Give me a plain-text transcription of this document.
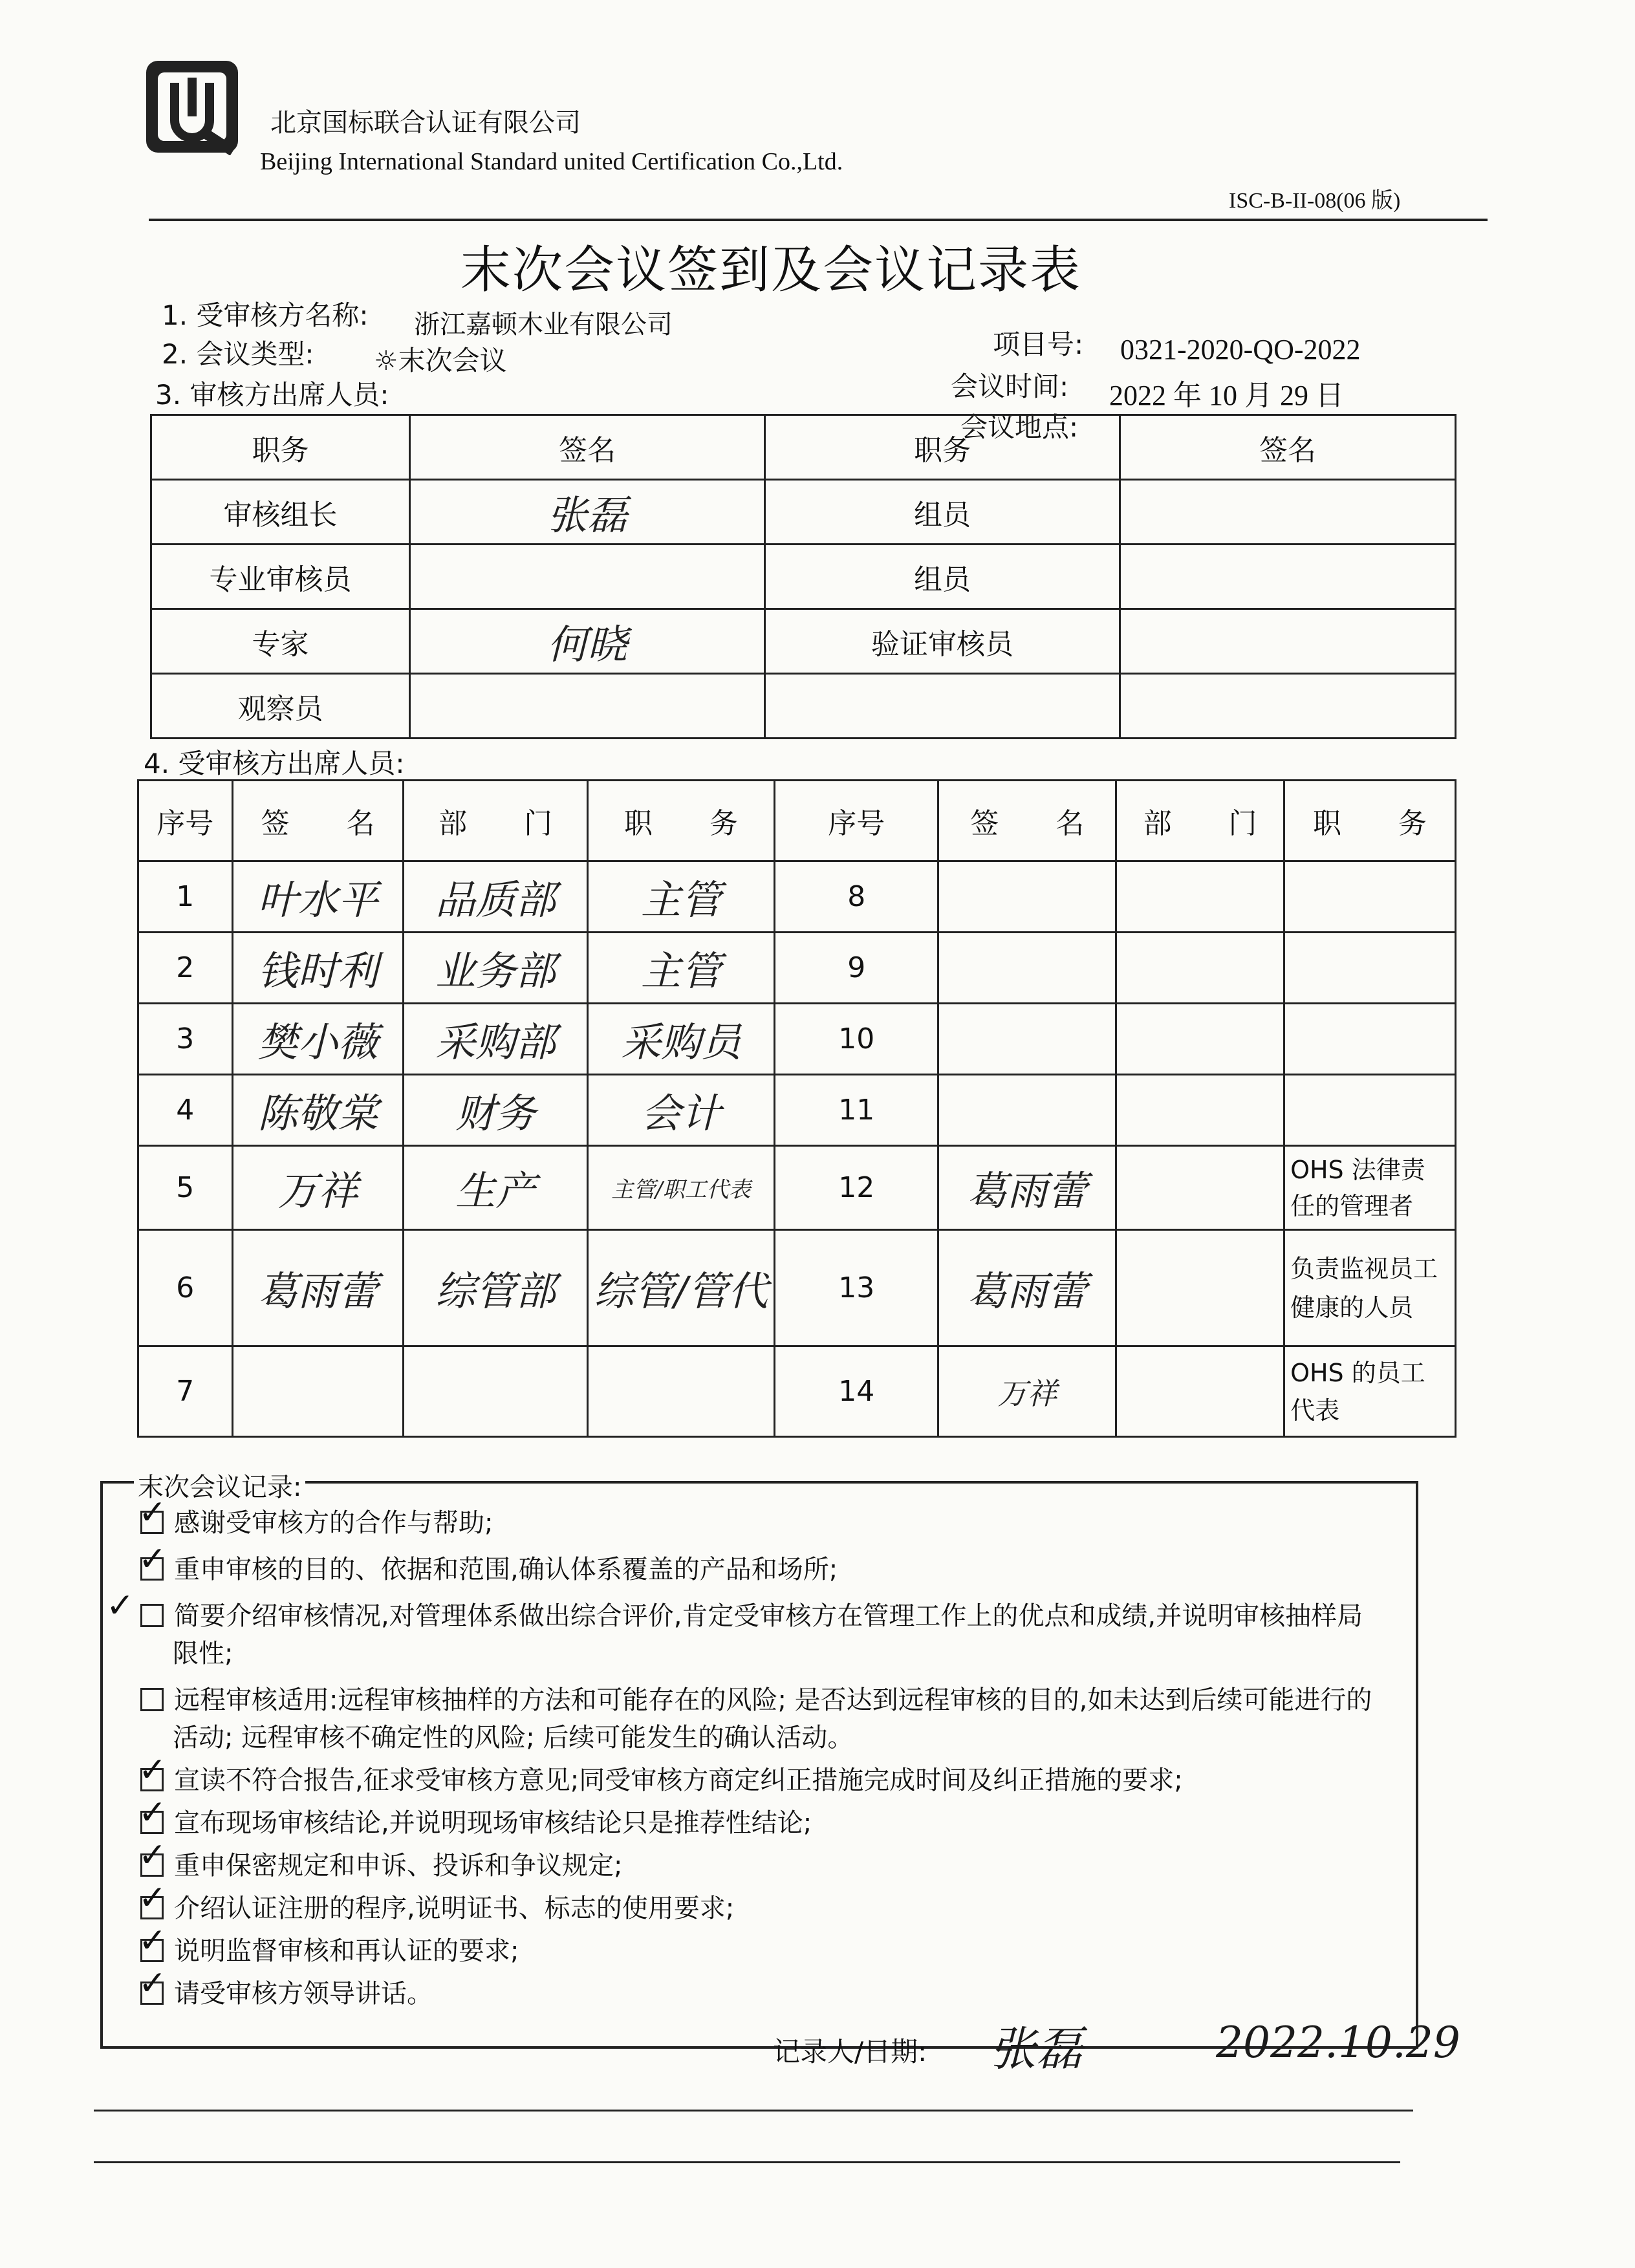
北京国标联合认证有限公司
Beijing International Standard united Certification Co.,Ltd.
ISC-B-II-08(06 版)
末次会议签到及会议记录表
1. 受审核方名称: 浙江嘉顿木业有限公司
2. 会议类型: ☼末次会议
项目号: 0321-2020-QO-2022
会议时间: 2022 年 10 月 29 日
会议地点:
3. 审核方出席人员:
职务	签名	职务	签名
审核组长	张磊	组员	
专业审核员		组员	
专家	何晓	验证审核员	
观察员			
4. 受审核方出席人员:
序号	签　　名	部　　门	职　　务	序号	签　　名	部　　门	职　　务
1	叶水平	品质部	主管	8			
2	钱时利	业务部	主管	9			
3	樊小薇	采购部	采购员	10			
4	陈敬棠	财务	会计	11			
5	万祥	生产	主管/职工代表	12	葛雨蕾		OHS 法律责任的管理者
6	葛雨蕾	综管部	综管/管代	13	葛雨蕾		负责监视员工健康的人员
7				14	万祥		OHS 的员工代表
末次会议记录:
✓感谢受审核方的合作与帮助;
✓重申审核的目的、依据和范围,确认体系覆盖的产品和场所;
✓简要介绍审核情况,对管理体系做出综合评价,肯定受审核方在管理工作上的优点和成绩,并说明审核抽样局限性;
远程审核适用:远程审核抽样的方法和可能存在的风险; 是否达到远程审核的目的,如未达到后续可能进行的活动; 远程审核不确定性的风险; 后续可能发生的确认活动。
✓宣读不符合报告,征求受审核方意见;同受审核方商定纠正措施完成时间及纠正措施的要求;
✓宣布现场审核结论,并说明现场审核结论只是推荐性结论;
✓重申保密规定和申诉、投诉和争议规定;
✓介绍认证注册的程序,说明证书、标志的使用要求;
✓说明监督审核和再认证的要求;
✓请受审核方领导讲话。
记录人/日期: 张磊	2022.10.29
